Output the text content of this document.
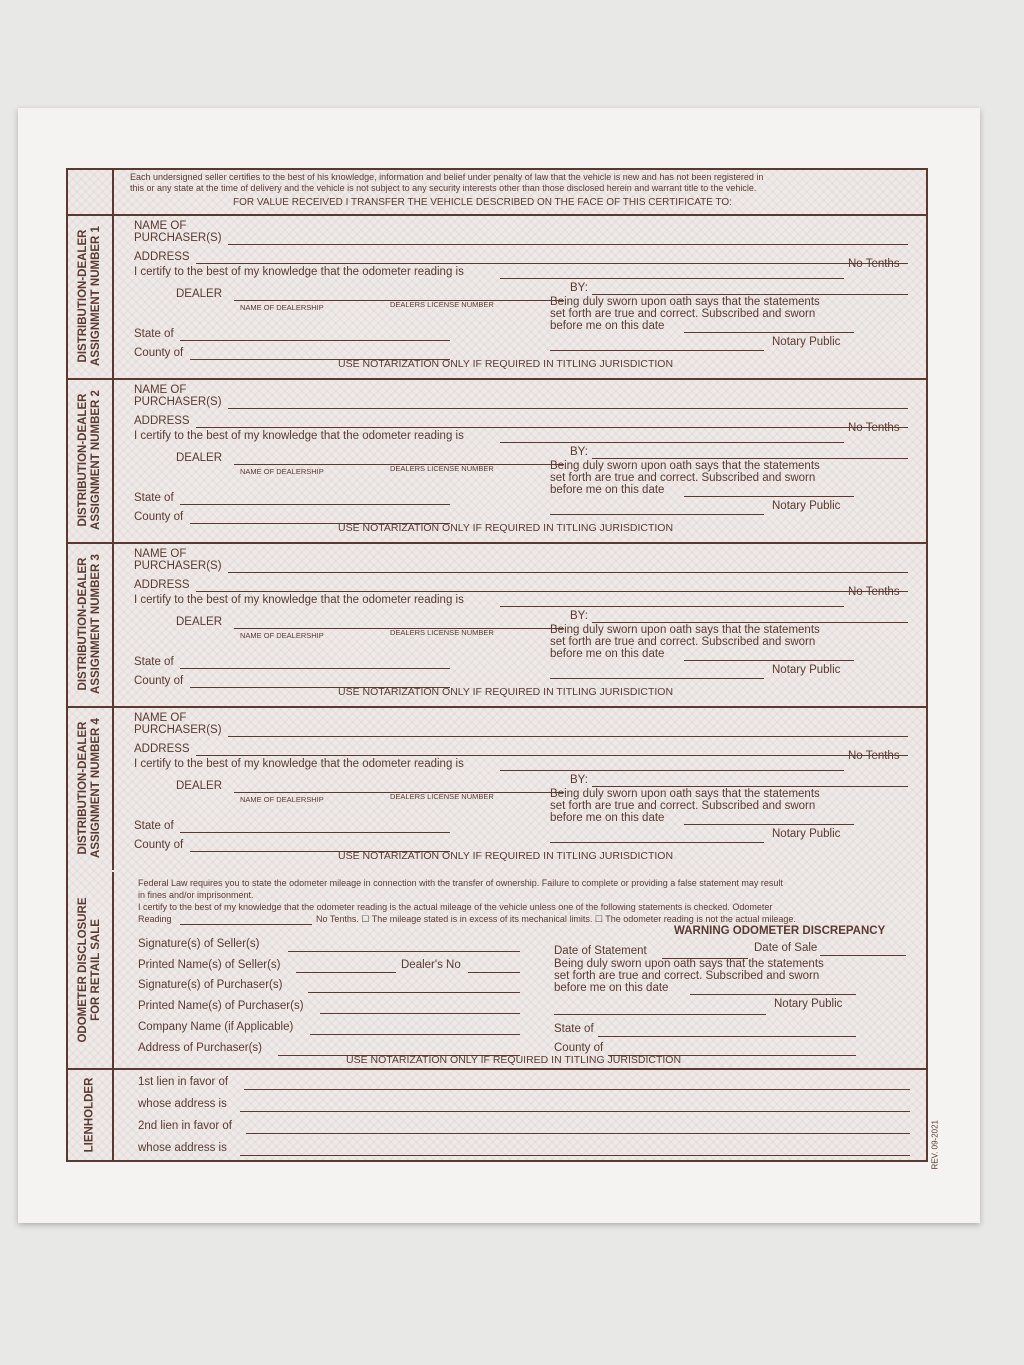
Each undersigned seller certifies to the best of his knowledge, information and belief under penalty of law that the vehicle is new and has not been registered in
this or any state at the time of delivery and the vehicle is not subject to any security interests other than those disclosed herein and warrant title to the vehicle.
FOR VALUE RECEIVED I TRANSFER THE VEHICLE DESCRIBED ON THE FACE OF THIS CERTIFICATE TO:
DISTRIBUTION-DEALER
ASSIGNMENT NUMBER 1
NAME OF
PURCHASER(S)
ADDRESS
I certify to the best of my knowledge that the odometer reading is
No Tenths
DEALER
NAME OF DEALERSHIP	DEALERS LICENSE NUMBER
BY:
Being duly sworn upon oath says that the statements
set forth are true and correct. Subscribed and sworn
before me on this date
Notary Public
State of
County of
USE NOTARIZATION ONLY IF REQUIRED IN TITLING JURISDICTION
DISTRIBUTION-DEALER
ASSIGNMENT NUMBER 2
NAME OF
PURCHASER(S)
ADDRESS
I certify to the best of my knowledge that the odometer reading is
No Tenths
DEALER
NAME OF DEALERSHIP	DEALERS LICENSE NUMBER
BY:
Being duly sworn upon oath says that the statements
set forth are true and correct. Subscribed and sworn
before me on this date
Notary Public
State of
County of
USE NOTARIZATION ONLY IF REQUIRED IN TITLING JURISDICTION
DISTRIBUTION-DEALER
ASSIGNMENT NUMBER 3
NAME OF
PURCHASER(S)
ADDRESS
I certify to the best of my knowledge that the odometer reading is
No Tenths
DEALER
NAME OF DEALERSHIP	DEALERS LICENSE NUMBER
BY:
Being duly sworn upon oath says that the statements
set forth are true and correct. Subscribed and sworn
before me on this date
Notary Public
State of
County of
USE NOTARIZATION ONLY IF REQUIRED IN TITLING JURISDICTION
DISTRIBUTION-DEALER
ASSIGNMENT NUMBER 4
NAME OF
PURCHASER(S)
ADDRESS
I certify to the best of my knowledge that the odometer reading is
No Tenths
DEALER
NAME OF DEALERSHIP	DEALERS LICENSE NUMBER
BY:
Being duly sworn upon oath says that the statements
set forth are true and correct. Subscribed and sworn
before me on this date
Notary Public
State of
County of
USE NOTARIZATION ONLY IF REQUIRED IN TITLING JURISDICTION
ODOMETER DISCLOSURE
FOR RETAIL SALE
Federal Law requires you to state the odometer mileage in connection with the transfer of ownership. Failure to complete or providing a false statement may result
in fines and/or imprisonment.
I certify to the best of my knowledge that the odometer reading is the actual mileage of the vehicle unless one of the following statements is checked. Odometer
Reading	No Tenths. ☐ The mileage stated is in excess of its mechanical limits. ☐ The odometer reading is not the actual mileage.
WARNING ODOMETER DISCREPANCY
Signature(s) of Seller(s)
Printed Name(s) of Seller(s)	Dealer's No
Signature(s) of Purchaser(s)
Printed Name(s) of Purchaser(s)
Company Name (if Applicable)
Address of Purchaser(s)
Date of Statement	Date of Sale
Being duly sworn upon oath says that the statements
set forth are true and correct. Subscribed and sworn
before me on this date
Notary Public
State of
County of
USE NOTARIZATION ONLY IF REQUIRED IN TITLING JURISDICTION
LIENHOLDER	1st lien in favor of
whose address is
2nd lien in favor of
whose address is	REV. 09-2021
